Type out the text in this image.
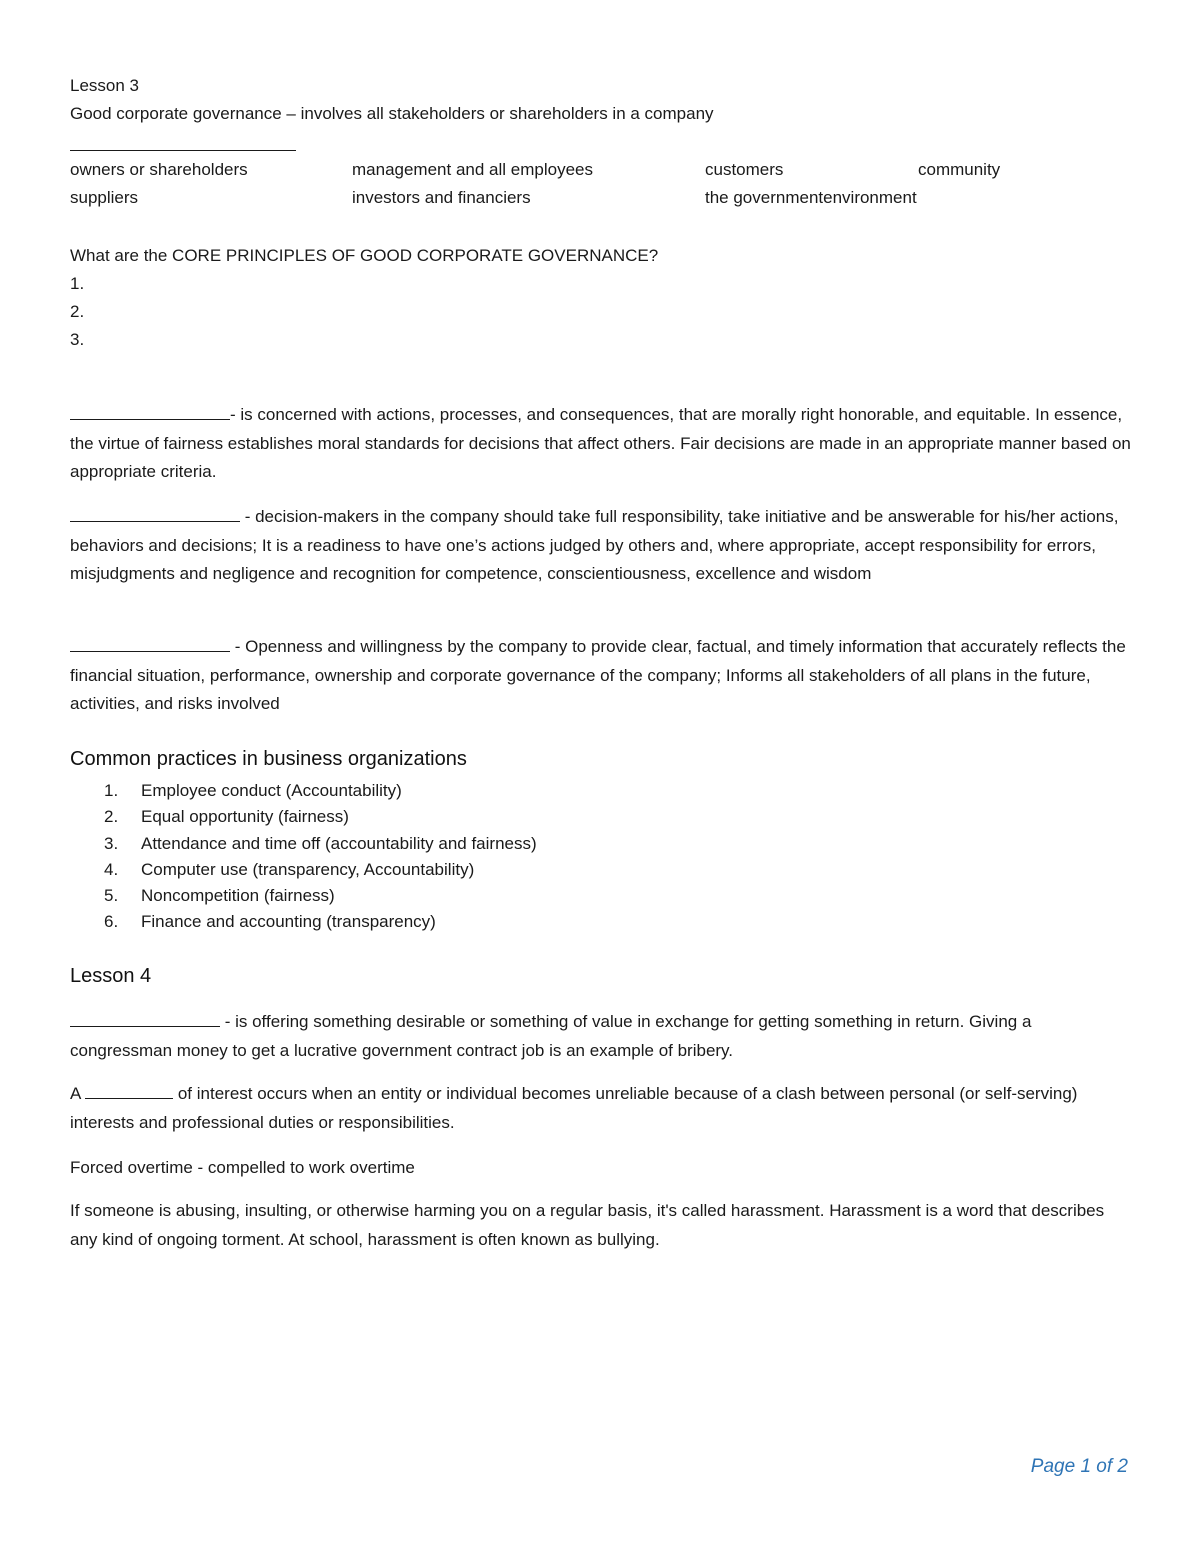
Lesson 3
Good corporate governance – involves all stakeholders or shareholders in a company
owners or shareholders	management and all employees	customers	community
suppliers	investors and financiers	the governmentenvironment
What are the CORE PRINCIPLES OF GOOD CORPORATE GOVERNANCE?
1.
2.
3.
- is concerned with actions, processes, and consequences, that are morally right honorable, and equitable. In essence, the virtue of fairness establishes moral standards for decisions that affect others. Fair decisions are made in an appropriate manner based on appropriate criteria.
- decision-makers in the company should take full responsibility, take initiative and be answerable for his/her actions, behaviors and decisions; It is a readiness to have one’s actions judged by others and, where appropriate, accept responsibility for errors, misjudgments and negligence and recognition for competence, conscientiousness, excellence and wisdom
- Openness and willingness by the company to provide clear, factual, and timely information that accurately reflects the financial situation, performance, ownership and corporate governance of the company; Informs all stakeholders of all plans in the future, activities, and risks involved
Common practices in business organizations
1. Employee conduct (Accountability)
2. Equal opportunity (fairness)
3. Attendance and time off (accountability and fairness)
4. Computer use (transparency, Accountability)
5. Noncompetition (fairness)
6. Finance and accounting (transparency)
Lesson 4
- is offering something desirable or something of value in exchange for getting something in return. Giving a congressman money to get a lucrative government contract job is an example of bribery.
A	of interest occurs when an entity or individual becomes unreliable because of a clash between personal (or self-serving) interests and professional duties or responsibilities.
Forced overtime - compelled to work overtime
If someone is abusing, insulting, or otherwise harming you on a regular basis, it's called harassment. Harassment is a word that describes any kind of ongoing torment. At school, harassment is often known as bullying.
Page 1 of 2
